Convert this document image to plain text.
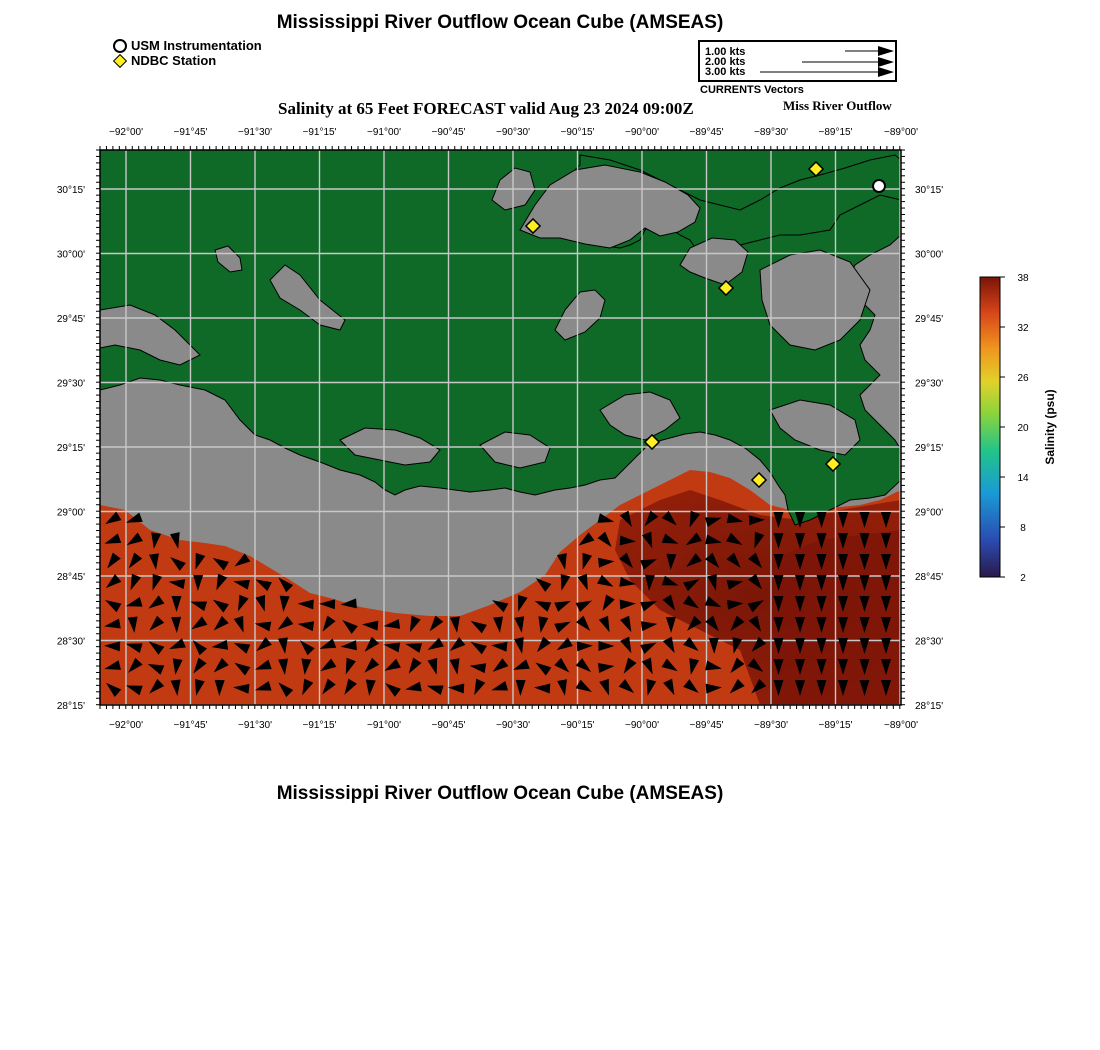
Mississippi River Outflow Ocean Cube (AMSEAS)
USM Instrumentation
NDBC Station
1.00 kts
2.00 kts
3.00 kts
CURRENTS Vectors
Salinity at 65 Feet FORECAST valid Aug 23 2024 09:00Z	Miss River Outflow
−92°00'
−92°00'
−91°45'
−91°45'
−91°30'
−91°30'
−91°15'
−91°15'
−91°00'
−91°00'
−90°45'
−90°45'
−90°30'
−90°30'
−90°15'
−90°15'
−90°00'
−90°00'
−89°45'
−89°45'
−89°30'
−89°30'
−89°15'
−89°15'
−89°00'
−89°00'
30°15'	30°15'
30°00'	30°00'
29°45'	29°45'
29°30'	29°30'
29°15'	29°15'
29°00'	29°00'
28°45'	28°45'
28°30'	28°30'
28°15'	28°15'
38
32
26
20
14
8
2
Salinity (psu)
Mississippi River Outflow Ocean Cube (AMSEAS)
